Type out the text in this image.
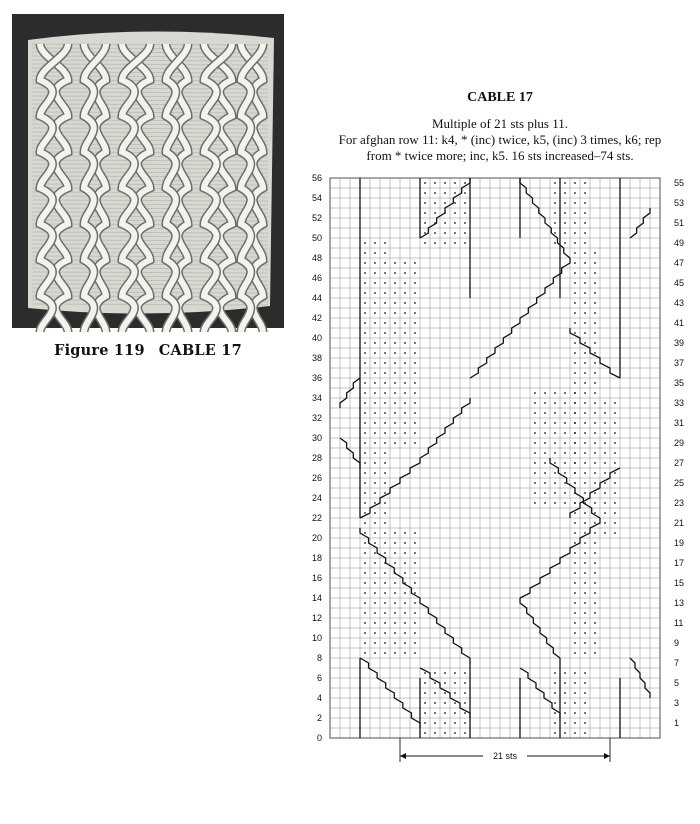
Figure 119 CABLE 17
CABLE 17
Multiple of 21 sts plus 11.
For afghan row 11: k4, * (inc) twice, k5, (inc) 3 times, k6; rep
from * twice more; inc, k5. 16 sts increased–74 sts.
0
2
4
6
8
10
12
14
16
18
20
22
24
26
28
30
32
34
36
38
40
42
44
46
48
50
52
54
56
1
3
5
7
9
11
13
15
17
19
21
23
25
27
29
31
33
35
37
39
41
43
45
47
49
51
53
55
21 sts
